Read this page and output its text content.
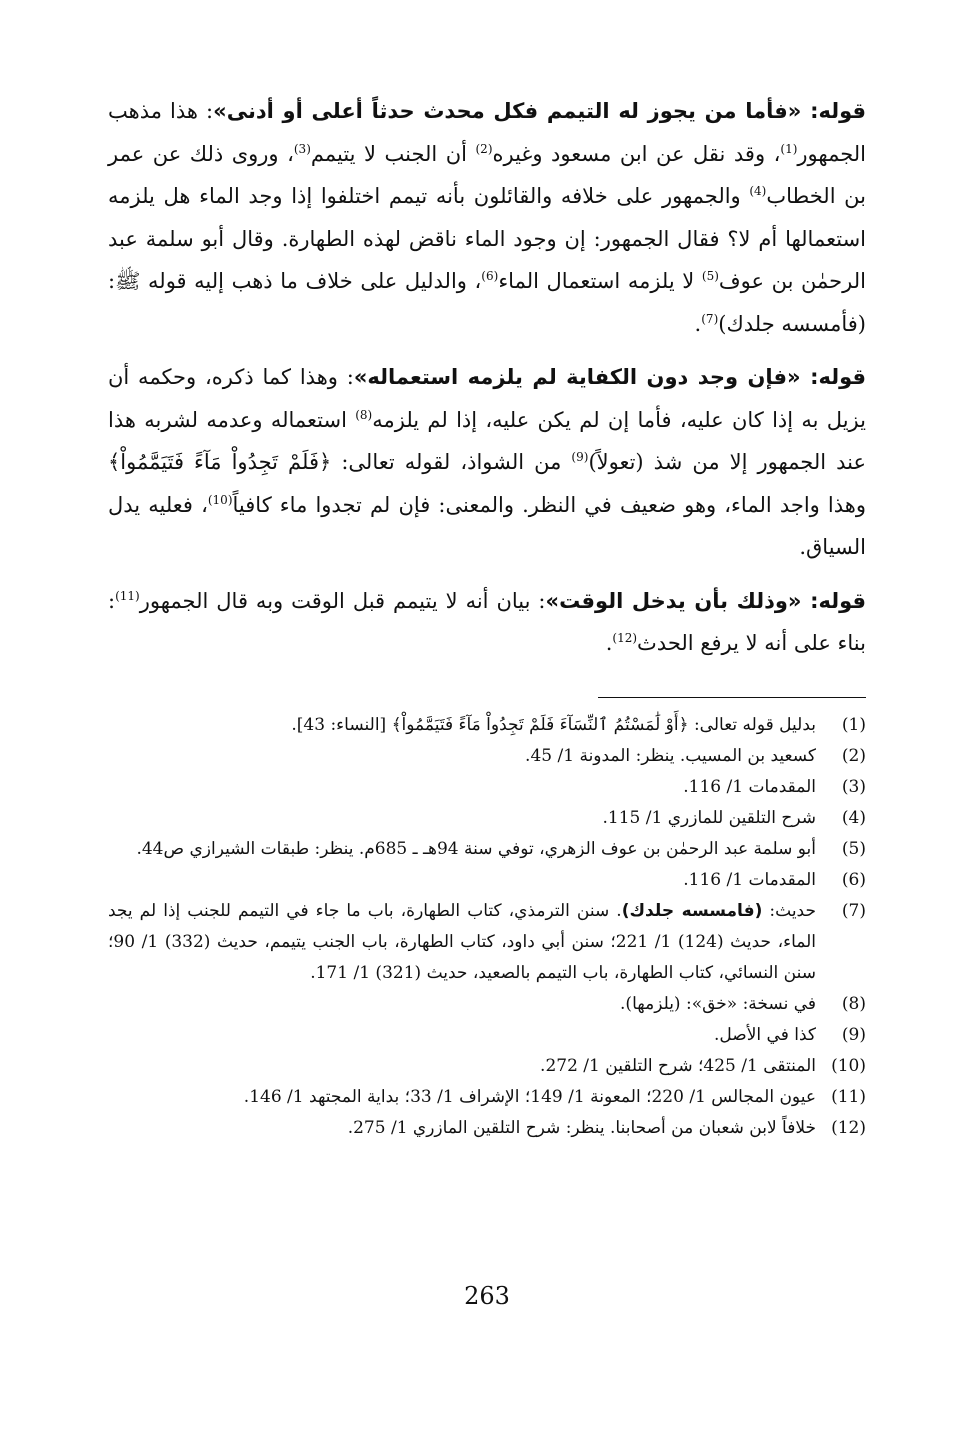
قوله: «فأما من يجوز له التيمم فكل محدث حدثاً أعلى أو أدنى»: هذا مذهب الجمهور$^{(1)}$، وقد نقل عن ابن مسعود وغيره$^{(2)}$ أن الجنب لا يتيمم$^{(3)}$، وروى ذلك عن عمر بن الخطاب$^{(4)}$ والجمهور على خلافه والقائلون بأنه تيمم اختلفوا إذا وجد الماء هل يلزمه استعمالها أم لا؟ فقال الجمهور: إن وجود الماء ناقض لهذه الطهارة. وقال أبو سلمة عبد الرحمٰن بن عوف$^{(5)}$ لا يلزمه استعمال الماء$^{(6)}$، والدليل على خلاف ما ذهب إليه قوله ﷺ: (فأمسسه جلدك)$^{(7)}$.

قوله: «فإن وجد دون الكفاية لم يلزمه استعماله»: وهذا كما ذكره، وحكمه أن يزيل به إذا كان عليه، فأما إن لم يكن عليه، إذا لم يلزمه$^{(8)}$ استعماله وعدمه لشربه هذا عند الجمهور إلا من شذ (تعولاً)$^{(9)}$ من الشواذ، لقوله تعالى: ﴿فَلَمْ تَجِدُواْ مَآءً فَتَيَمَّمُواْ﴾ وهذا واجد الماء، وهو ضعيف في النظر. والمعنى: فإن لم تجدوا ماء كافياً$^{(10)}$، فعليه يدل السياق.

قوله: «وذلك بأن يدخل الوقت»: بيان أنه لا يتيمم قبل الوقت وبه قال الجمهور$^{(11)}$: بناء على أنه لا يرفع الحدث$^{(12)}$.

(1)
بدليل قوله تعالى: ﴿أَوْ لَٰمَسْتُمُ ٱلنِّسَآءَ فَلَمْ تَجِدُواْ مَآءً فَتَيَمَّمُواْ﴾ [النساء: 43].
(2)
كسعيد بن المسيب. ينظر: المدونة 1/ 45.
(3)
المقدمات 1/ 116.
(4)
شرح التلقين للمازري 1/ 115.
(5)
أبو سلمة عبد الرحمٰن بن عوف الزهري، توفي سنة 94هـ ـ 685م. ينظر: طبقات الشيرازي ص44.
(6)
المقدمات 1/ 116.
(7)
حديث: (فامسسه جلدك). سنن الترمذي، كتاب الطهارة، باب ما جاء في التيمم للجنب إذا لم يجد الماء، حديث (124) 1/ 221؛ سنن أبي داود، كتاب الطهارة، باب الجنب يتيمم، حديث (332) 1/ 90؛ سنن النسائي، كتاب الطهارة، باب التيمم بالصعيد، حديث (321) 1/ 171.
(8)
في نسخة: «خق»: (يلزمها).
(9)
كذا في الأصل.
(10)
المنتقى 1/ 425؛ شرح التلقين 1/ 272.
(11)
عيون المجالس 1/ 220؛ المعونة 1/ 149؛ الإشراف 1/ 33؛ بداية المجتهد 1/ 146.
(12)
خلافاً لابن شعبان من أصحابنا. ينظر: شرح التلقين المازري 1/ 275.
263
